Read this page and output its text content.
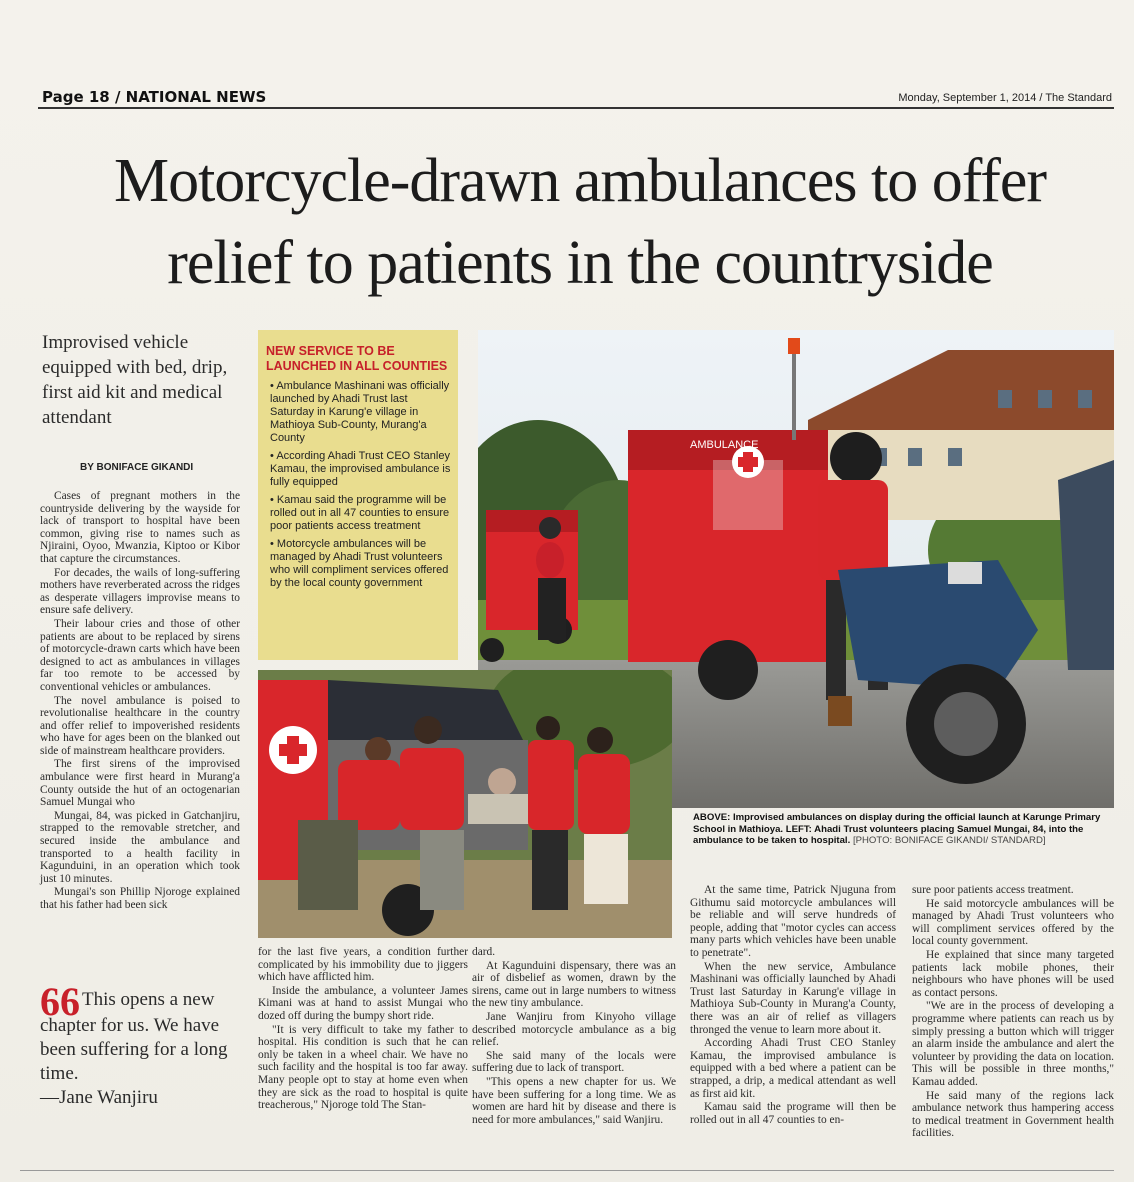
Page 18 / NATIONAL NEWS	Monday, September 1, 2014 / The Standard
Motorcycle-drawn ambulances to offer
relief to patients in the countryside
Improvised vehicle equipped with bed, drip, first aid kit and medical attendant
BY BONIFACE GIKANDI

Cases of pregnant mothers in the countryside delivering by the wayside for lack of transport to hospital have been common, giving rise to names such as Njiraini, Oyoo, Mwanzia, Kiptoo or Kibor that capture the circumstances.

For decades, the wails of long-suffering mothers have reverberated across the ridges as desperate villagers improvise means to ensure safe delivery.

Their labour cries and those of other patients are about to be replaced by sirens of motorcycle-drawn carts which have been designed to act as ambulances in villages far too remote to be accessed by conventional vehicles or ambulances.

The novel ambulance is poised to revolutionalise healthcare in the country and offer relief to impoverished residents who have for ages been on the blanked out side of mainstream healthcare providers.

The first sirens of the improvised ambulance were first heard in Murang'a County outside the hut of an octogenarian Samuel Mungai who

Mungai, 84, was picked in Gatchanjiru, strapped to the removable stretcher, and secured inside the ambulance and transported to a health facility in Kagunduini, in an operation which took just 10 minutes.

Mungai's son Phillip Njoroge explained that his father had been sick

66 This opens a new chapter for us. We have been suffering for a long time.
—Jane Wanjiru
NEW SERVICE TO BE LAUNCHED IN ALL COUNTIES
• Ambulance Mashinani was officially launched by Ahadi Trust last Saturday in Karung'e village in Mathioya Sub-County, Murang'a County
• According Ahadi Trust CEO Stanley Kamau, the improvised ambulance is fully equipped
• Kamau said the programme will be rolled out in all 47 counties to ensure poor patients access treatment
• Motorcycle ambulances will be managed by Ahadi Trust volunteers who will compliment services offered by the local county government
AMBULANCE
ABOVE: Improvised ambulances on display during the official launch at Karunge Primary School in Mathioya. LEFT: Ahadi Trust volunteers placing Samuel Mungai, 84, into the ambulance to be taken to hospital. [PHOTO: BONIFACE GIKANDI/ STANDARD]

for the last five years, a condition further complicated by his immobility due to jiggers which have afflicted him.

Inside the ambulance, a volunteer James Kimani was at hand to assist Mungai who dozed off during the bumpy short ride.

"It is very difficult to take my father to hospital. His condition is such that he can only be taken in a wheel chair. We have no such facility and the hospital is too far away. Many people opt to stay at home even when they are sick as the road to hospital is quite treacherous," Njoroge told The Stan-

dard.

At Kagunduini dispensary, there was an air of disbelief as women, drawn by the sirens, came out in large numbers to witness the new tiny ambulance.

Jane Wanjiru from Kinyoho village described motorcycle ambulance as a big relief.

She said many of the locals were suffering due to lack of transport.

"This opens a new chapter for us. We have been suffering for a long time. We as women are hard hit by disease and there is need for more ambulances," said Wanjiru.

At the same time, Patrick Njuguna from Githumu said motorcycle ambulances will be reliable and will serve hundreds of people, adding that "motor cycles can access many parts which vehicles have been unable to penetrate".

When the new service, Ambulance Mashinani was officially launched by Ahadi Trust last Saturday in Karung'e village in Mathioya Sub-County in Murang'a County, there was an air of relief as villagers thronged the venue to learn more about it.

According Ahadi Trust CEO Stanley Kamau, the improvised ambulance is equipped with a bed where a patient can be strapped, a drip, a medical attendant as well as first aid kit.

Kamau said the programe will then be rolled out in all 47 counties to en-

sure poor patients access treatment.

He said motorcycle ambulances will be managed by Ahadi Trust volunteers who will compliment services offered by the local county government.

He explained that since many targeted patients lack mobile phones, their neighbours who have phones will be used as contact persons.

"We are in the process of developing a programme where patients can reach us by simply pressing a button which will trigger an alarm inside the ambulance and alert the volunteer by providing the data on location. This will be possible in three months," Kamau added.

He said many of the regions lack ambulance network thus hampering access to medical treatment in Government health facilities.
